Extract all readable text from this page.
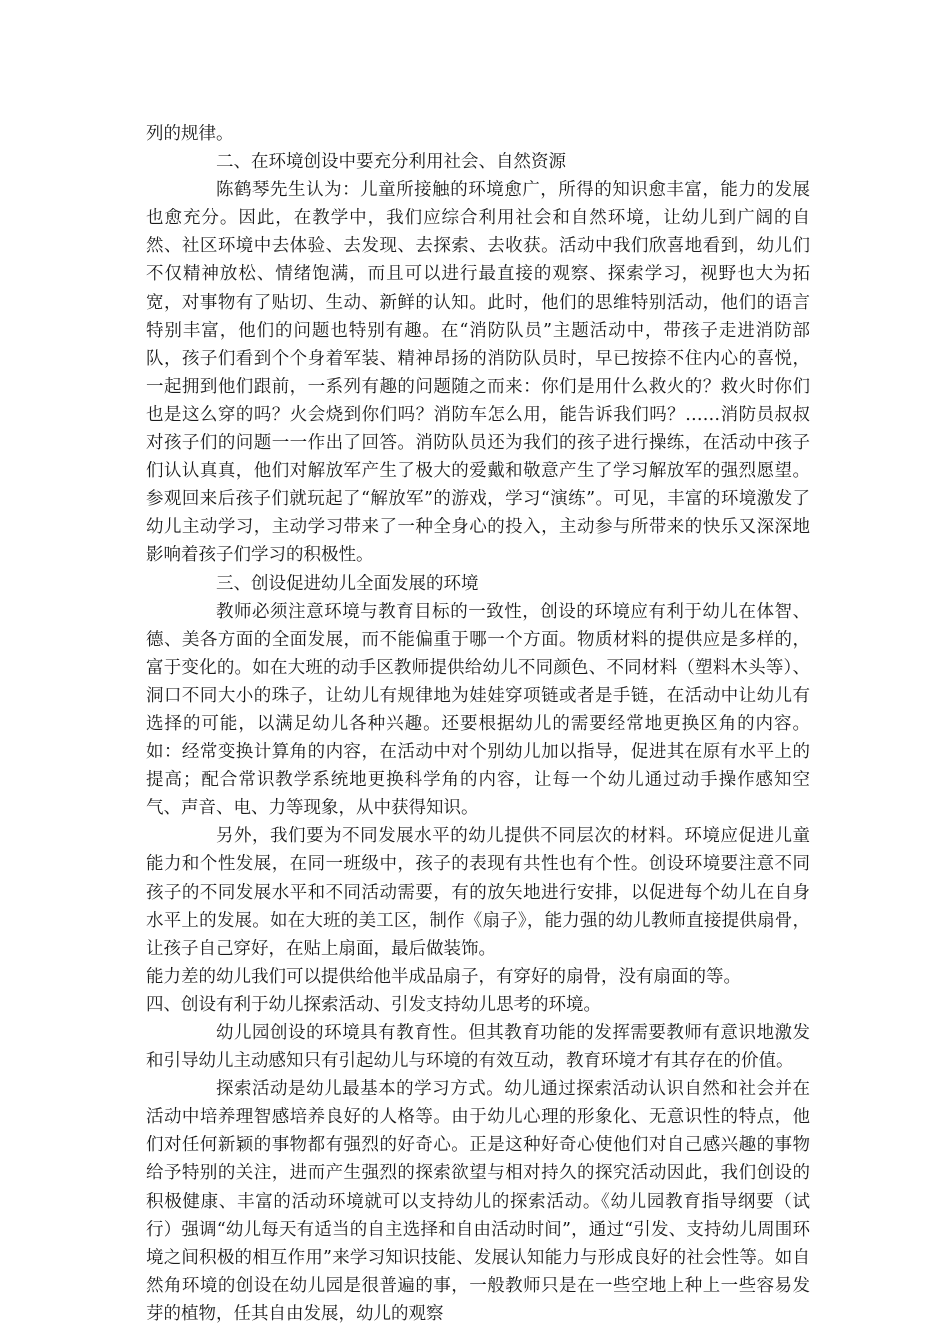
列的规律。

二、在环境创设中要充分利用社会、自然资源

陈鹤琴先生认为：儿童所接触的环境愈广，所得的知识愈丰富，能力的发展也愈充分。因此，在教学中，我们应综合利用社会和自然环境，让幼儿到广阔的自然、社区环境中去体验、去发现、去探索、去收获。活动中我们欣喜地看到，幼儿们不仅精神放松、情绪饱满，而且可以进行最直接的观察、探索学习，视野也大为拓宽，对事物有了贴切、生动、新鲜的认知。此时，他们的思维特别活动，他们的语言特别丰富，他们的问题也特别有趣。在“消防队员”主题活动中，带孩子走进消防部队，孩子们看到个个身着军装、精神昂扬的消防队员时，早已按捺不住内心的喜悦，一起拥到他们跟前，一系列有趣的问题随之而来：你们是用什么救火的？救火时你们也是这么穿的吗？火会烧到你们吗？消防车怎么用，能告诉我们吗？……消防员叔叔对孩子们的问题一一作出了回答。消防队员还为我们的孩子进行操练，在活动中孩子们认认真真，他们对解放军产生了极大的爱戴和敬意产生了学习解放军的强烈愿望。参观回来后孩子们就玩起了“解放军”的游戏，学习“演练”。可见，丰富的环境激发了幼儿主动学习，主动学习带来了一种全身心的投入，主动参与所带来的快乐又深深地影响着孩子们学习的积极性。

三、创设促进幼儿全面发展的环境

教师必须注意环境与教育目标的一致性，创设的环境应有利于幼儿在体智、德、美各方面的全面发展，而不能偏重于哪一个方面。物质材料的提供应是多样的，富于变化的。如在大班的动手区教师提供给幼儿不同颜色、不同材料（塑料木头等）、洞口不同大小的珠子，让幼儿有规律地为娃娃穿项链或者是手链，在活动中让幼儿有选择的可能，以满足幼儿各种兴趣。还要根据幼儿的需要经常地更换区角的内容。如：经常变换计算角的内容，在活动中对个别幼儿加以指导，促进其在原有水平上的提高；配合常识教学系统地更换科学角的内容，让每一个幼儿通过动手操作感知空气、声音、电、力等现象，从中获得知识。

另外，我们要为不同发展水平的幼儿提供不同层次的材料。环境应促进儿童能力和个性发展，在同一班级中，孩子的表现有共性也有个性。创设环境要注意不同孩子的不同发展水平和不同活动需要，有的放矢地进行安排，以促进每个幼儿在自身水平上的发展。如在大班的美工区，制作《扇子》，能力强的幼儿教师直接提供扇骨，让孩子自己穿好，在贴上扇面，最后做装饰。

能力差的幼儿我们可以提供给他半成品扇子，有穿好的扇骨，没有扇面的等。

四、创设有利于幼儿探索活动、引发支持幼儿思考的环境。

幼儿园创设的环境具有教育性。但其教育功能的发挥需要教师有意识地激发和引导幼儿主动感知只有引起幼儿与环境的有效互动，教育环境才有其存在的价值。

探索活动是幼儿最基本的学习方式。幼儿通过探索活动认识自然和社会并在活动中培养理智感培养良好的人格等。由于幼儿心理的形象化、无意识性的特点，他们对任何新颖的事物都有强烈的好奇心。正是这种好奇心使他们对自己感兴趣的事物给予特别的关注，进而产生强烈的探索欲望与相对持久的探究活动因此，我们创设的积极健康、丰富的活动环境就可以支持幼儿的探索活动。《幼儿园教育指导纲要（试行）强调“幼儿每天有适当的自主选择和自由活动时间”，通过“引发、支持幼儿周围环境之间积极的相互作用”来学习知识技能、发展认知能力与形成良好的社会性等。如自然角环境的创设在幼儿园是很普遍的事，一般教师只是在一些空地上种上一些容易发芽的植物，任其自由发展，幼儿的观察
